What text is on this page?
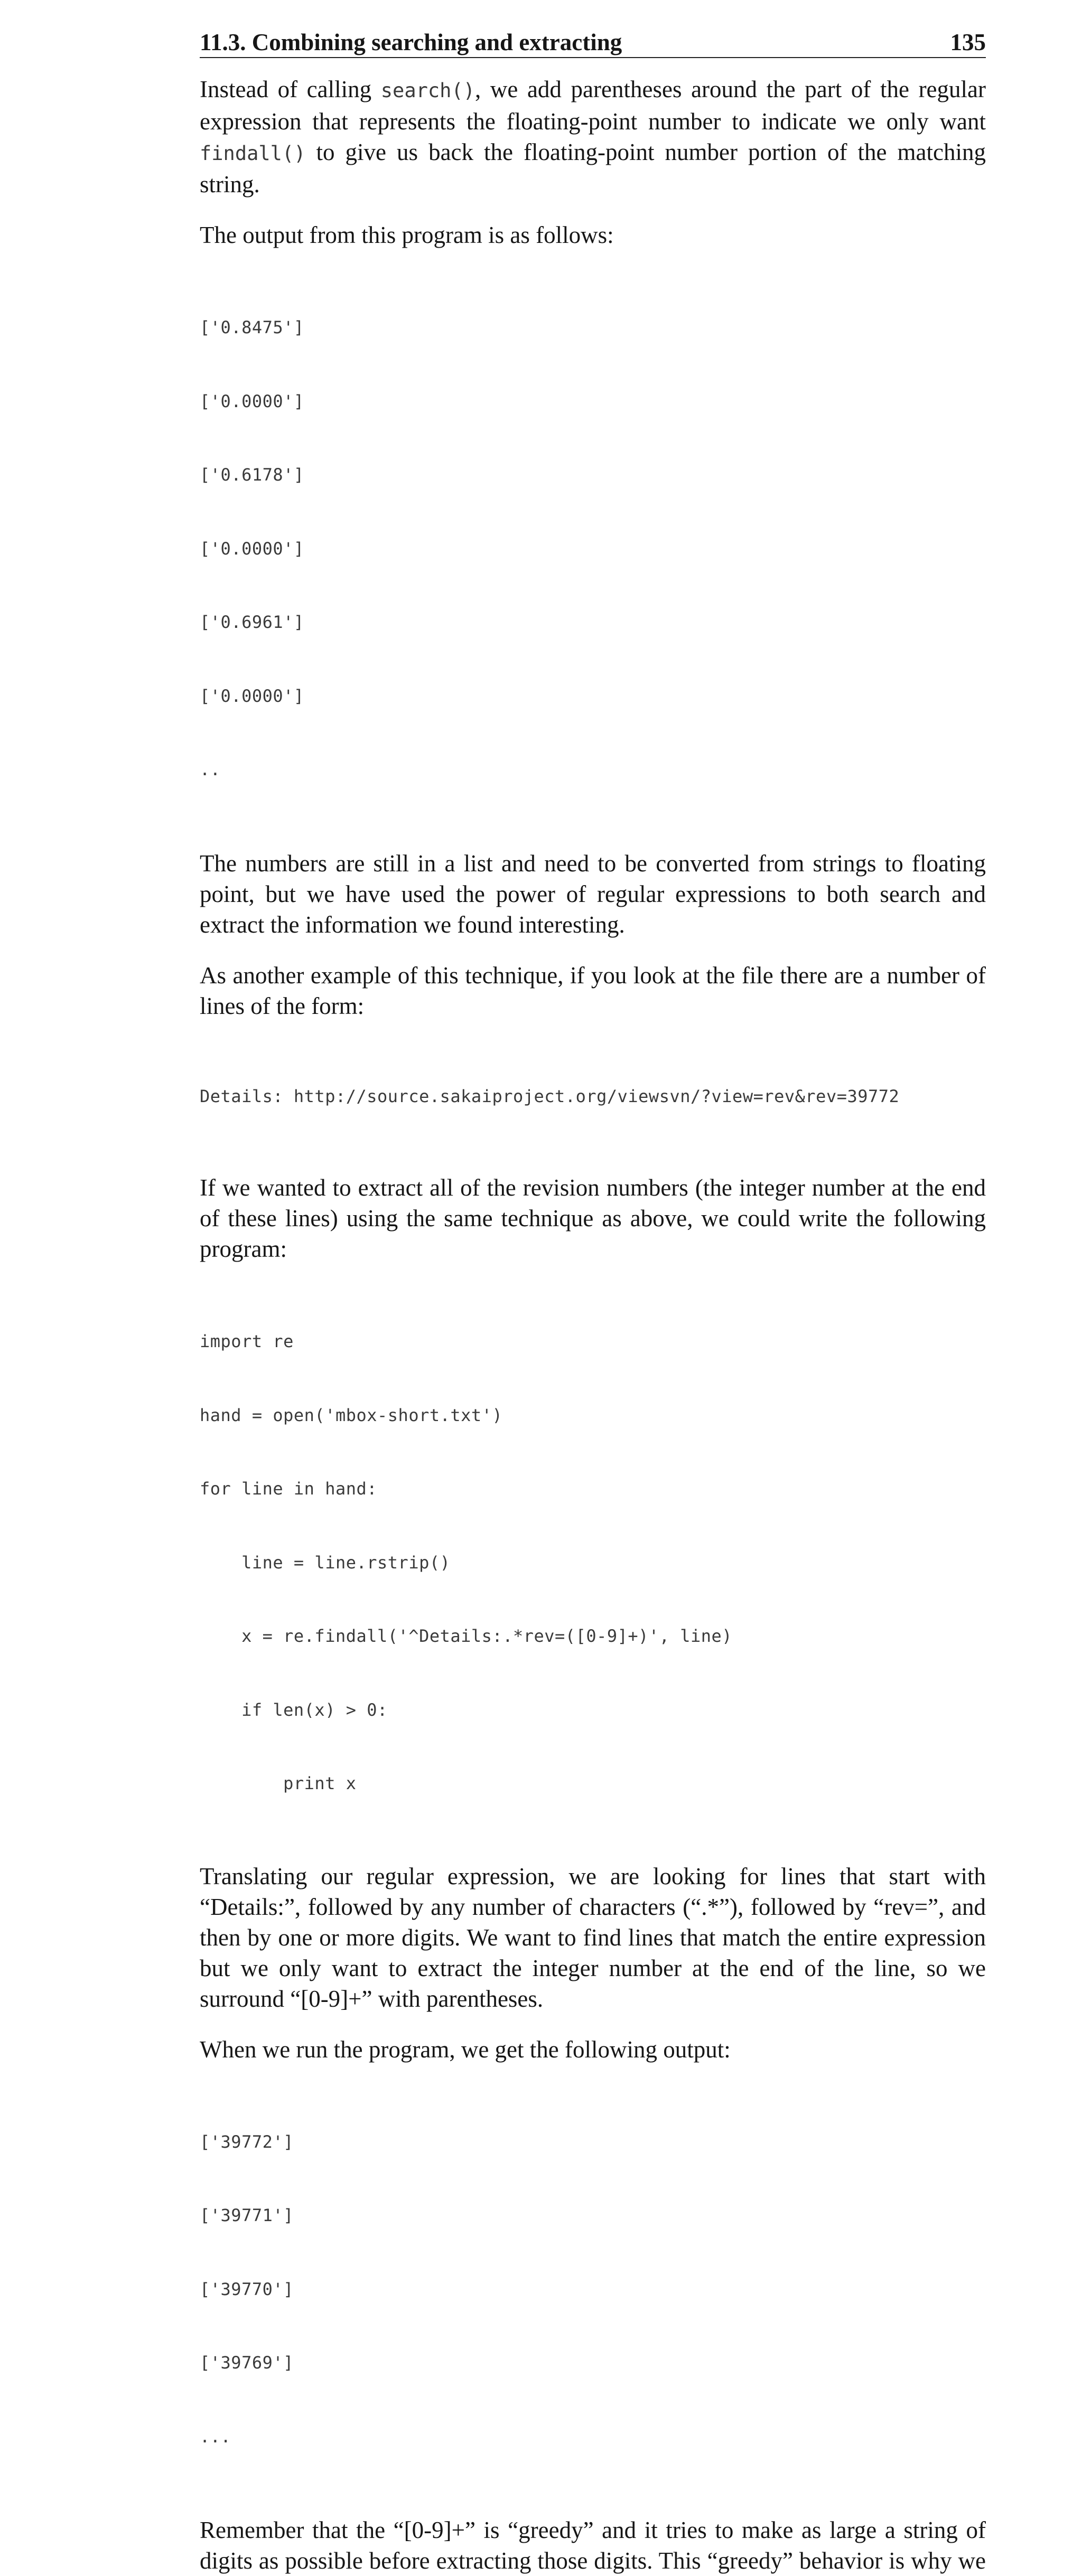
11.3. Combining searching and extracting	135

Instead of calling search(), we add parentheses around the part of the regular expression that represents the floating-point number to indicate we only want findall() to give us back the floating-point number portion of the matching string.

The output from this program is as follows:

['0.8475']

['0.0000']

['0.6178']

['0.0000']

['0.6961']

['0.0000']

..

The numbers are still in a list and need to be converted from strings to floating point, but we have used the power of regular expressions to both search and extract the information we found interesting.

As another example of this technique, if you look at the file there are a number of lines of the form:

Details: http://source.sakaiproject.org/viewsvn/?view=rev&rev=39772

If we wanted to extract all of the revision numbers (the integer number at the end of these lines) using the same technique as above, we could write the following program:

import re

hand = open('mbox-short.txt')

for line in hand:

line = line.rstrip()

x = re.findall('^Details:.*rev=([0-9]+)', line)

if len(x) > 0:

print x

Translating our regular expression, we are looking for lines that start with “Details:”, followed by any number of characters (“.*”), followed by “rev=”, and then by one or more digits. We want to find lines that match the entire expression but we only want to extract the integer number at the end of the line, so we surround “[0-9]+” with parentheses.

When we run the program, we get the following output:

['39772']

['39771']

['39770']

['39769']

...

Remember that the “[0-9]+” is “greedy” and it tries to make as large a string of digits as possible before extracting those digits. This “greedy” behavior is why we
